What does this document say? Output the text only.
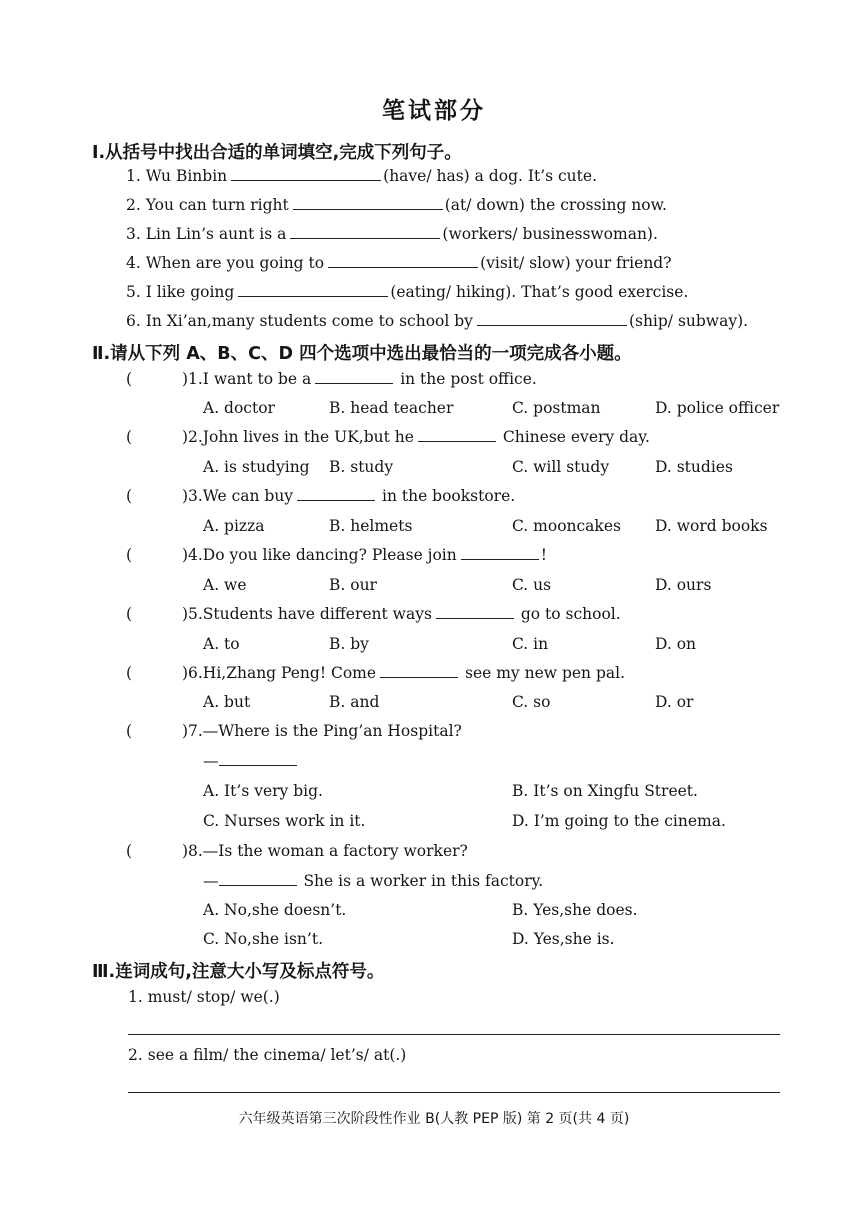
笔试部分
Ⅰ.从括号中找出合适的单词填空,完成下列句子。
1. Wu Binbin	(have/ has) a dog. It’s cute.
2. You can turn right	(at/ down) the crossing now.
3. Lin Lin’s aunt is a	(workers/ businesswoman).
4. When are you going to	(visit/ slow) your friend?
5. I like going	(eating/ hiking). That’s good exercise.
6. In Xi’an,many students come to school by	(ship/ subway).
Ⅱ.请从下列 A、B、C、D 四个选项中选出最恰当的一项完成各小题。
(	) 1.I want to be a	in the post office.
A. doctor	B. head teacher	C. postman	D. police officer
(	) 2.John lives in the UK,but he	Chinese every day.
A. is studying B. study	C. will study	D. studies
(	) 3.We can buy	in the bookstore.
A. pizza	B. helmets	C. mooncakes D. word books
(	) 4.Do you like dancing? Please join	!
A. we	B. our	C. us	D. ours
(	) 5.Students have different ways	go to school.
A. to	B. by	C. in	D. on
(	) 6.Hi,Zhang Peng! Come	see my new pen pal.
A. but	B. and	C. so	D. or
(	) 7.—Where is the Ping’an Hospital?
—
A. It’s very big.	B. It’s on Xingfu Street.
C. Nurses work in it.	D. I’m going to the cinema.
(	) 8.—Is the woman a factory worker?
—	She is a worker in this factory.
A. No,she doesn’t.	B. Yes,she does.
C. No,she isn’t.	D. Yes,she is.
Ⅲ.连词成句,注意大小写及标点符号。
1. must/ stop/ we(.)
2. see a film/ the cinema/ let’s/ at(.)
六年级英语第三次阶段性作业 B(人教 PEP 版) 第 2 页(共 4 页)
